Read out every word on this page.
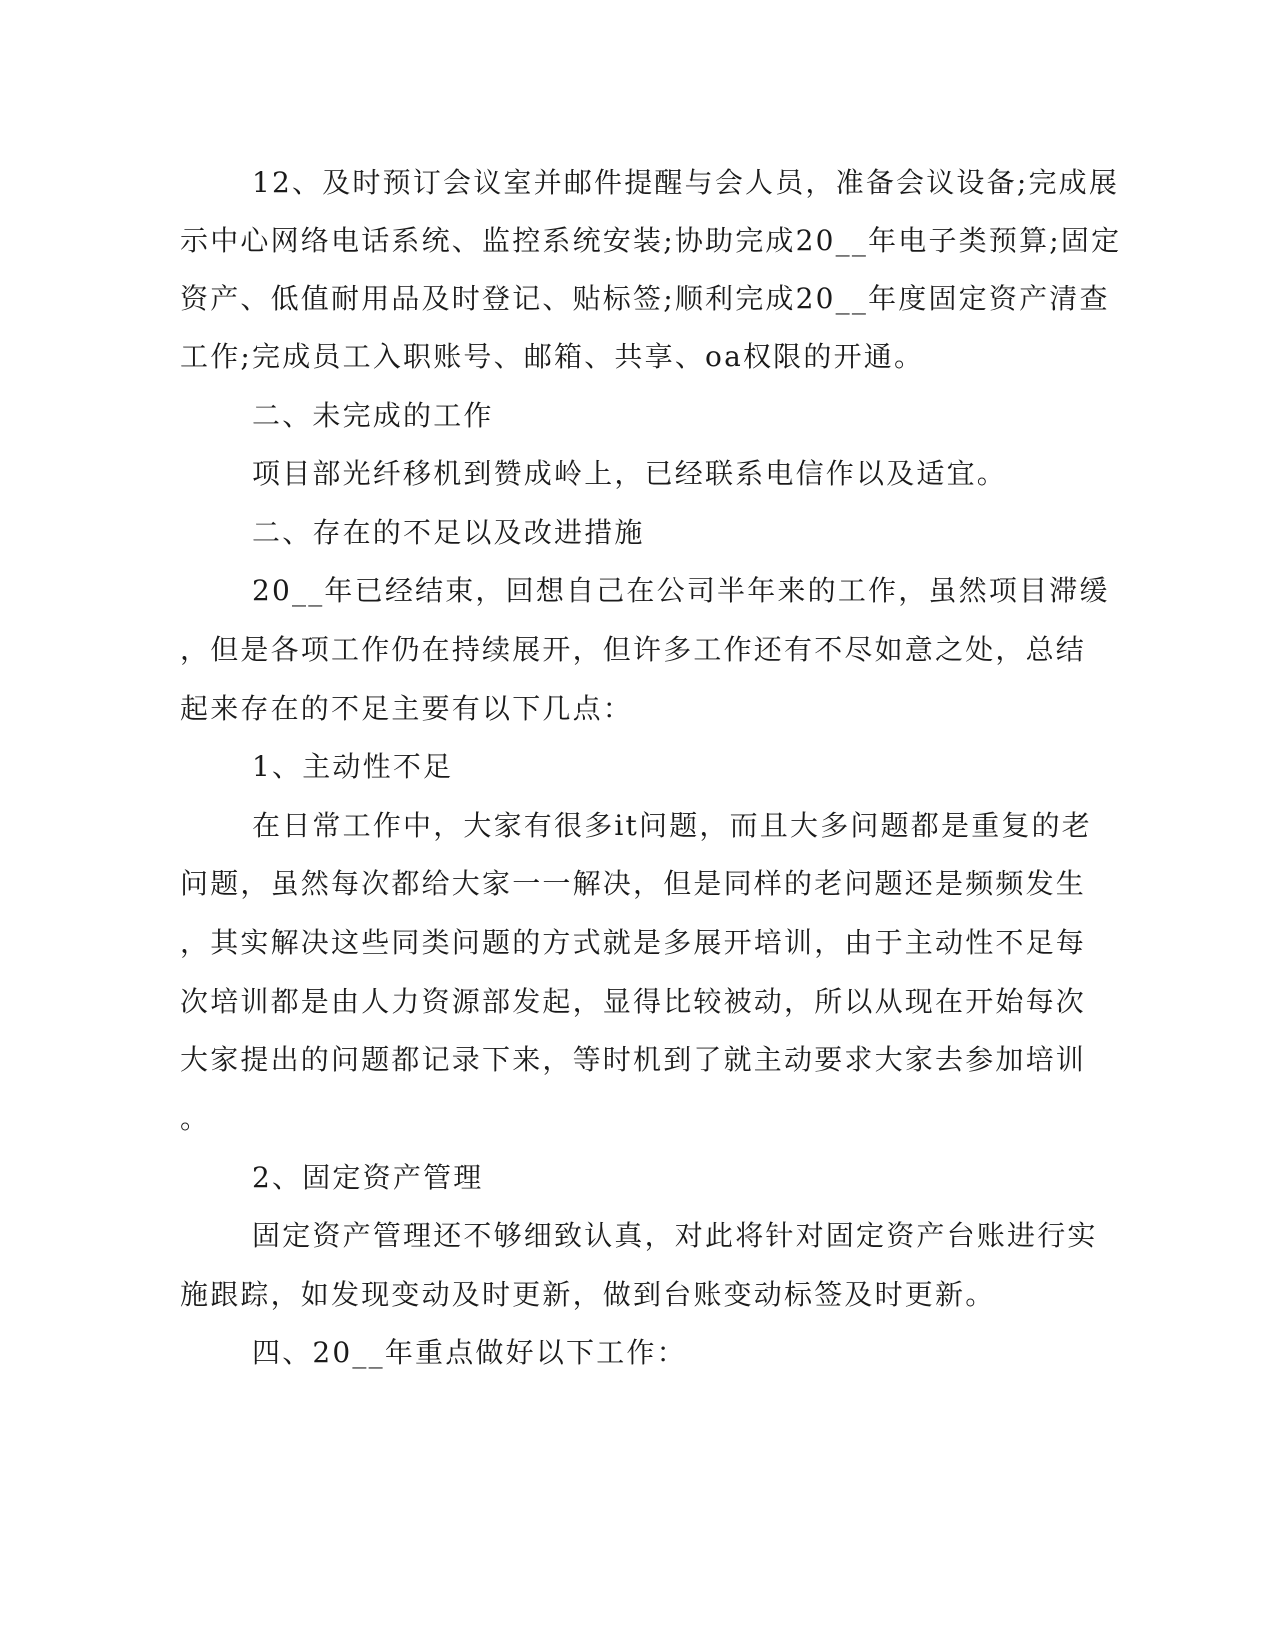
12、及时预订会议室并邮件提醒与会人员，准备会议设备;完成展
示中心网络电话系统、监控系统安装;协助完成20__年电子类预算;固定
资产、低值耐用品及时登记、贴标签;顺利完成20__年度固定资产清查
工作;完成员工入职账号、邮箱、共享、oa权限的开通。
二、未完成的工作
项目部光纤移机到赞成岭上，已经联系电信作以及适宜。
二、存在的不足以及改进措施
20__年已经结束，回想自己在公司半年来的工作，虽然项目滞缓
，但是各项工作仍在持续展开，但许多工作还有不尽如意之处，总结
起来存在的不足主要有以下几点：
1、主动性不足
在日常工作中，大家有很多it问题，而且大多问题都是重复的老
问题，虽然每次都给大家一一解决，但是同样的老问题还是频频发生
，其实解决这些同类问题的方式就是多展开培训，由于主动性不足每
次培训都是由人力资源部发起，显得比较被动，所以从现在开始每次
大家提出的问题都记录下来，等时机到了就主动要求大家去参加培训
。
2、固定资产管理
固定资产管理还不够细致认真，对此将针对固定资产台账进行实
施跟踪，如发现变动及时更新，做到台账变动标签及时更新。
四、20__年重点做好以下工作：
